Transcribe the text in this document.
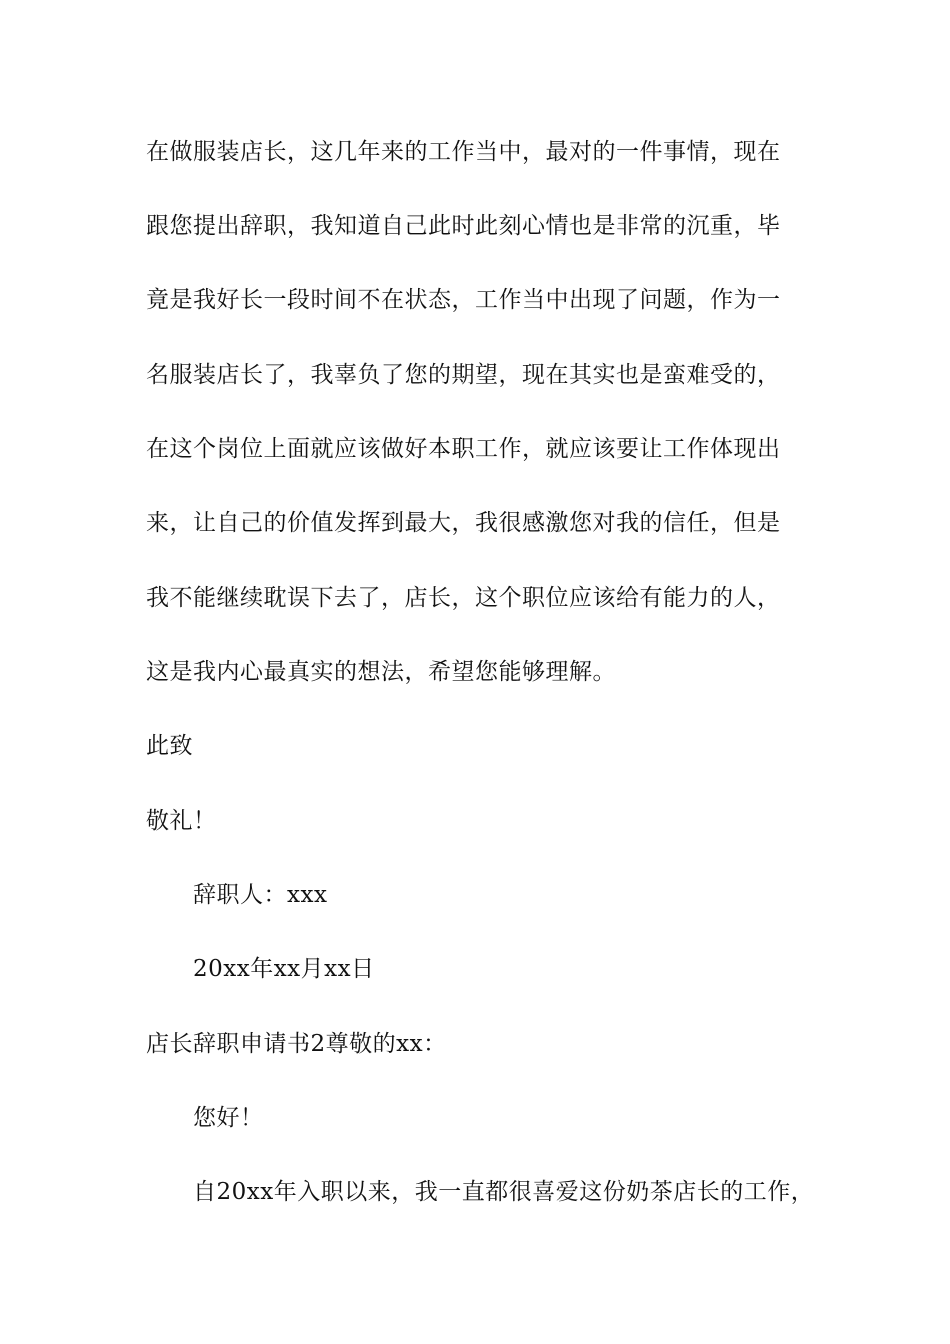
在做服装店长，这几年来的工作当中，最对的一件事情，现在
跟您提出辞职，我知道自己此时此刻心情也是非常的沉重，毕
竟是我好长一段时间不在状态，工作当中出现了问题，作为一
名服装店长了，我辜负了您的期望，现在其实也是蛮难受的，
在这个岗位上面就应该做好本职工作，就应该要让工作体现出
来，让自己的价值发挥到最大，我很感激您对我的信任，但是
我不能继续耽误下去了，店长，这个职位应该给有能力的人，
这是我内心最真实的想法，希望您能够理解。
此致
敬礼！
辞职人：xxx
20xx年xx月xx日
店长辞职申请书2尊敬的xx：
您好！
自20xx年入职以来，我一直都很喜爱这份奶茶店长的工作，
